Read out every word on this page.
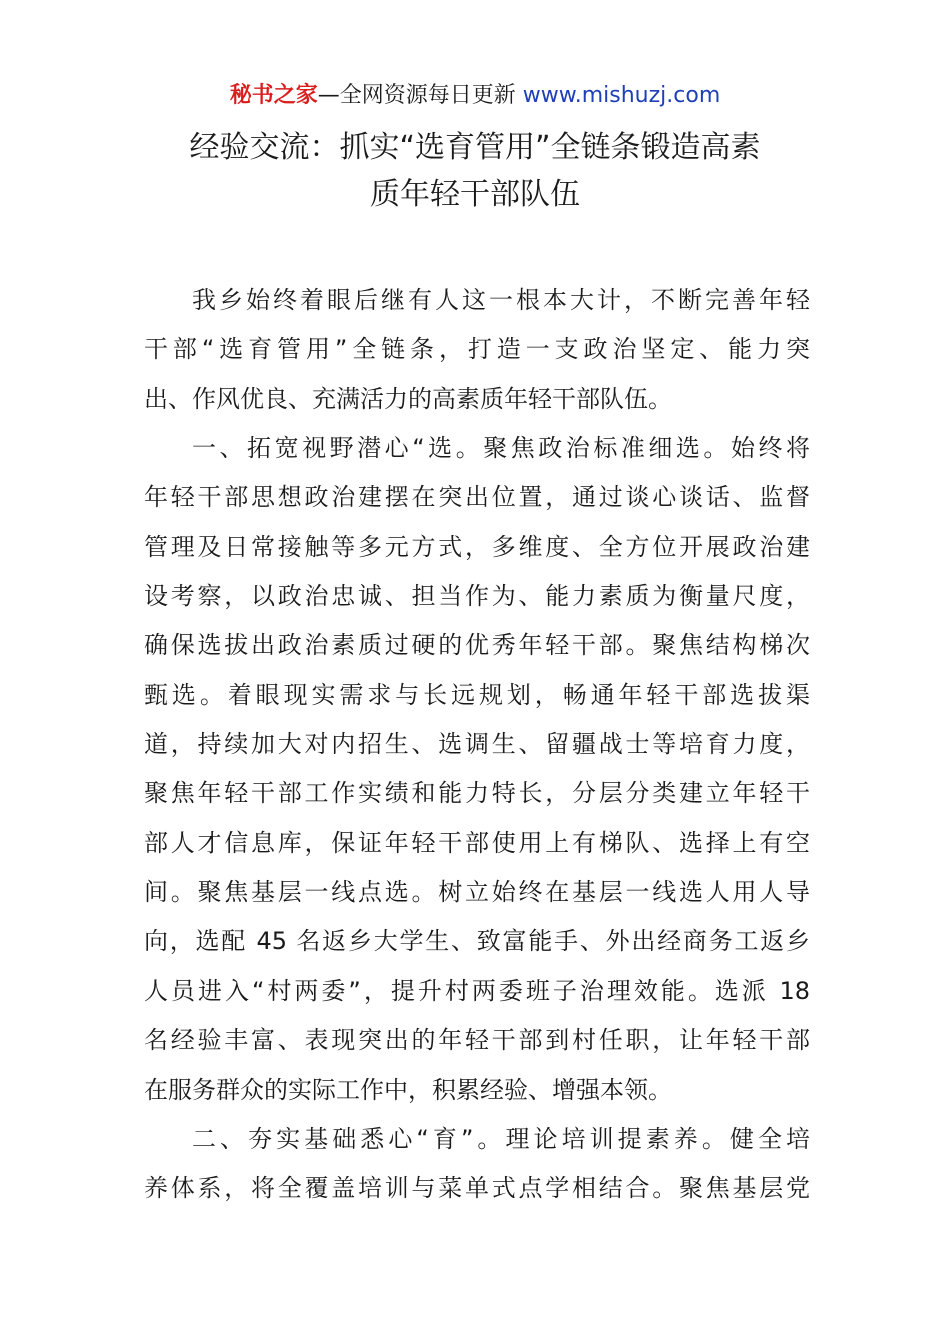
秘书之家—全网资源每日更新 www.mishuzj.com
经验交流：抓实“选育管用”全链条锻造高素
质年轻干部队伍
我乡始终着眼后继有人这一根本大计，不断完善年轻
干部“选育管用”全链条，打造一支政治坚定、能力突
出、作风优良、充满活力的高素质年轻干部队伍。
一、拓宽视野潜心“选。聚焦政治标准细选。始终将
年轻干部思想政治建摆在突出位置，通过谈心谈话、监督
管理及日常接触等多元方式，多维度、全方位开展政治建
设考察，以政治忠诚、担当作为、能力素质为衡量尺度，
确保选拔出政治素质过硬的优秀年轻干部。聚焦结构梯次
甄选。着眼现实需求与长远规划，畅通年轻干部选拔渠
道，持续加大对内招生、选调生、留疆战士等培育力度，
聚焦年轻干部工作实绩和能力特长，分层分类建立年轻干
部人才信息库，保证年轻干部使用上有梯队、选择上有空
间。聚焦基层一线点选。树立始终在基层一线选人用人导
向，选配 45 名返乡大学生、致富能手、外出经商务工返乡
人员进入“村两委”，提升村两委班子治理效能。选派 18
名经验丰富、表现突出的年轻干部到村任职，让年轻干部
在服务群众的实际工作中，积累经验、增强本领。
二、夯实基础悉心“育”。理论培训提素养。健全培
养体系，将全覆盖培训与菜单式点学相结合。聚焦基层党
